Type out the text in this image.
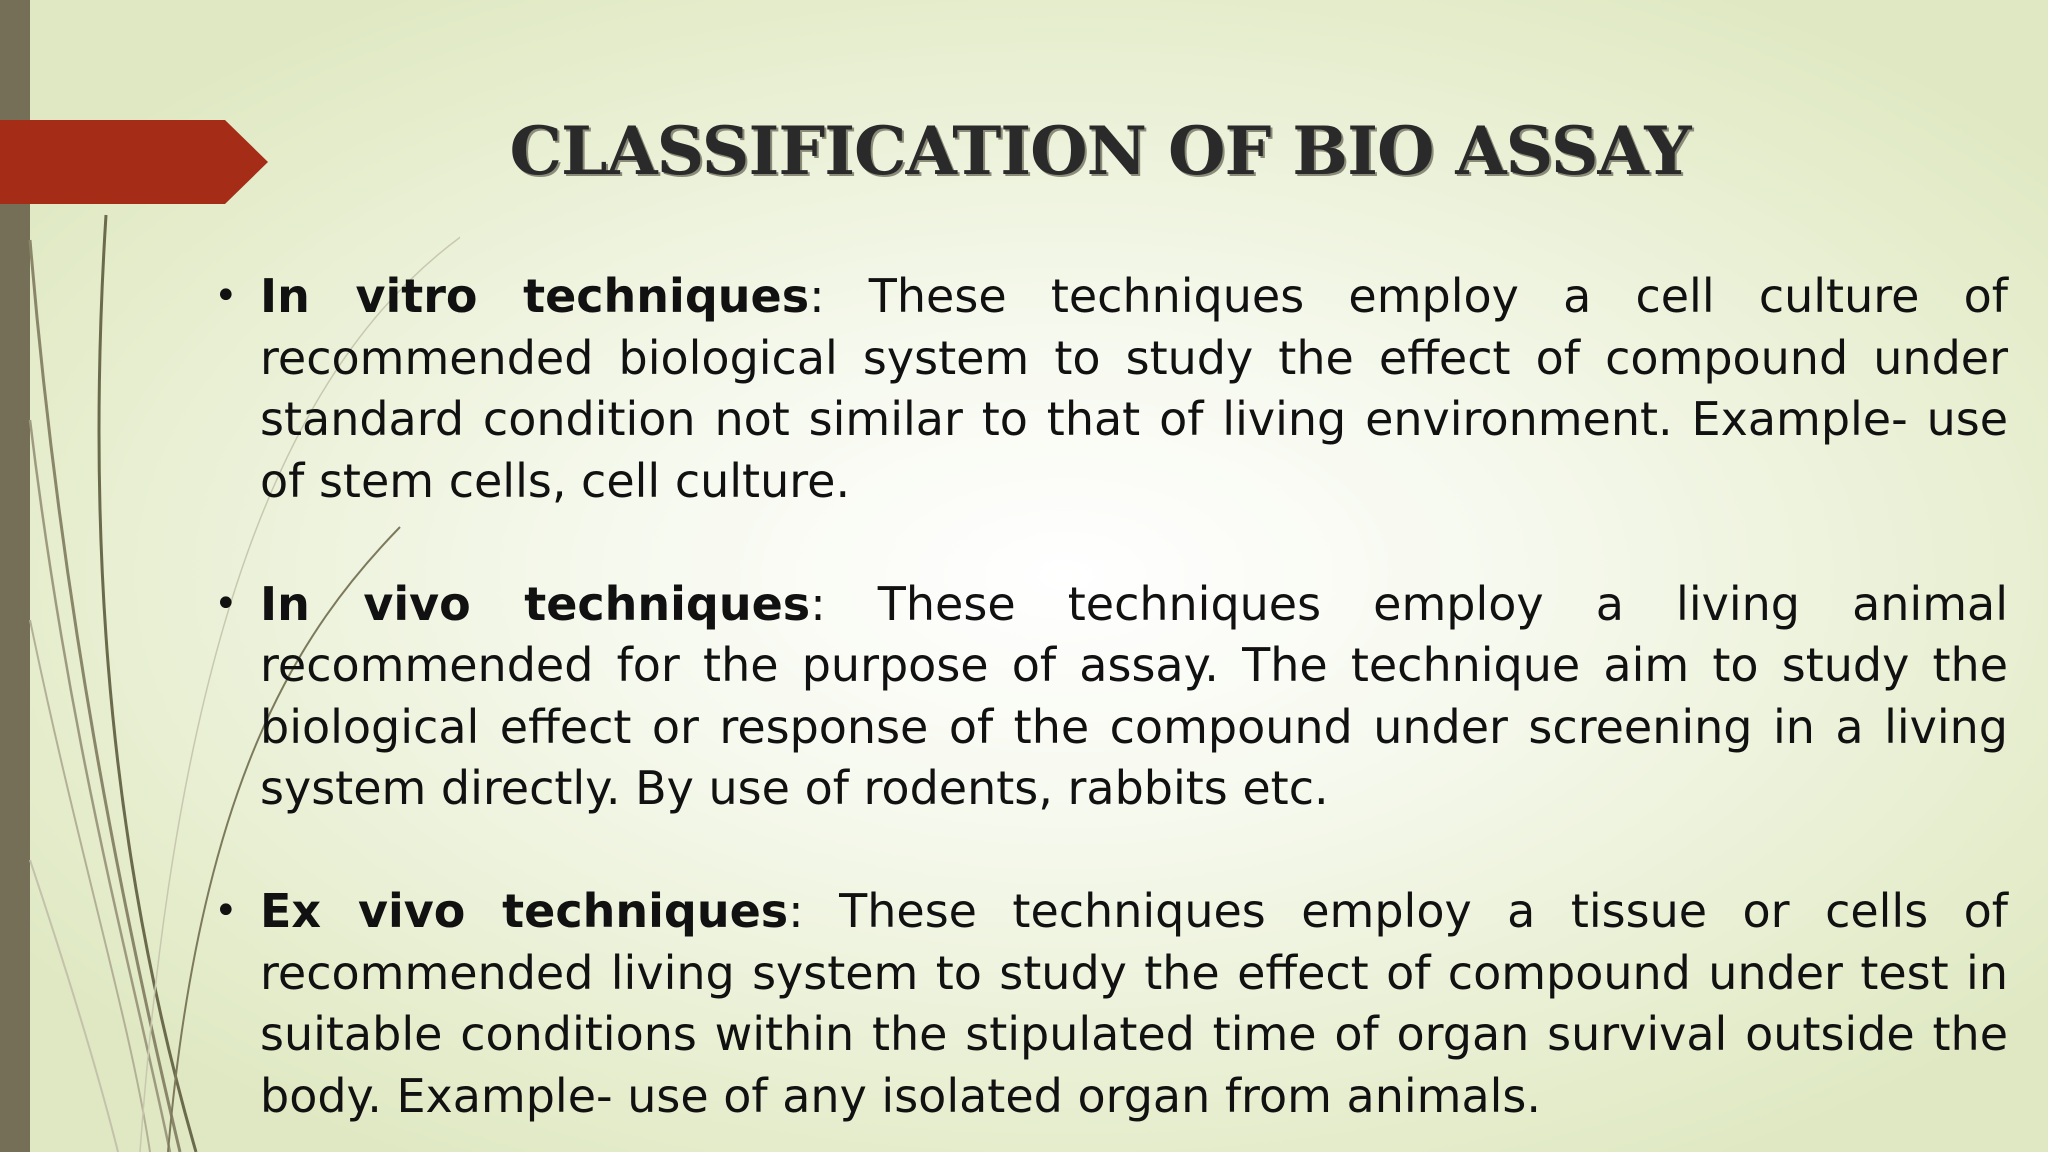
CLASSIFICATION OF BIO ASSAY
• In vitro techniques: These techniques employ a cell culture of recommended biological system to study the effect of compound under standard condition not similar to that of living environment. Example- use of stem cells, cell culture.
• In vivo techniques: These techniques employ a living animal recommended for the purpose of assay. The technique aim to study the biological effect or response of the compound under screening in a living system directly. By use of rodents, rabbits etc.
• Ex vivo techniques: These techniques employ a tissue or cells of recommended living system to study the effect of compound under test in suitable conditions within the stipulated time of organ survival outside the body. Example- use of any isolated organ from animals.
